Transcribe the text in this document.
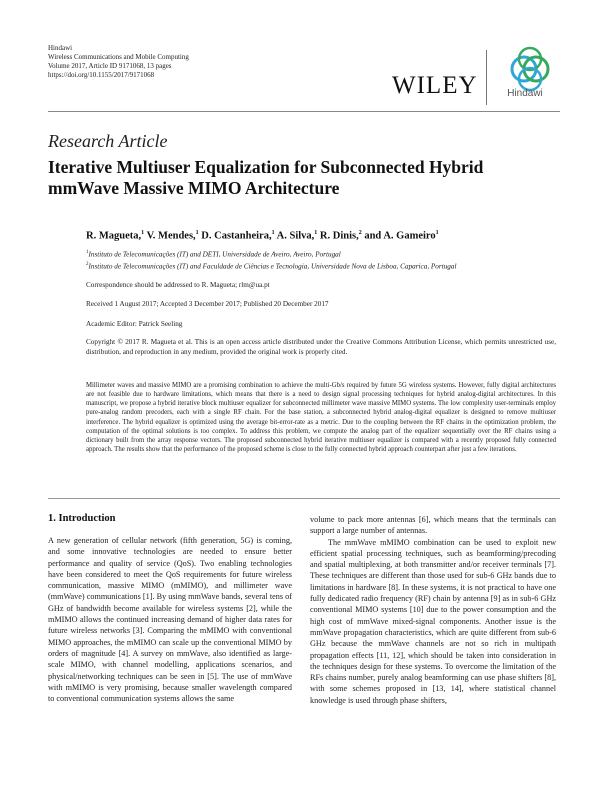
Hindawi
Wireless Communications and Mobile Computing
Volume 2017, Article ID 9171068, 13 pages
https://doi.org/10.1155/2017/9171068	WILEY	Hindawi
Research Article
Iterative Multiuser Equalization for Subconnected Hybrid mmWave Massive MIMO Architecture
R. Magueta,$^1$ V. Mendes,$^1$ D. Castanheira,$^1$ A. Silva,$^1$ R. Dinis,$^2$ and A. Gameiro$^1$
$^1$Instituto de Telecomunicações (IT) and DETI, Universidade de Aveiro, Aveiro, Portugal
$^2$Instituto de Telecomunicações (IT) and Faculdade de Ciências e Tecnologia, Universidade Nova de Lisboa, Caparica, Portugal
Correspondence should be addressed to R. Magueta; rlm@ua.pt
Received 1 August 2017; Accepted 3 December 2017; Published 20 December 2017
Academic Editor: Patrick Seeling
Copyright © 2017 R. Magueta et al. This is an open access article distributed under the Creative Commons Attribution License, which permits unrestricted use, distribution, and reproduction in any medium, provided the original work is properly cited.
Millimeter waves and massive MIMO are a promising combination to achieve the multi-Gb/s required by future 5G wireless systems. However, fully digital architectures are not feasible due to hardware limitations, which means that there is a need to design signal processing techniques for hybrid analog-digital architectures. In this manuscript, we propose a hybrid iterative block multiuser equalizer for subconnected millimeter wave massive MIMO systems. The low complexity user-terminals employ pure-analog random precoders, each with a single RF chain. For the base station, a subconnected hybrid analog-digital equalizer is designed to remove multiuser interference. The hybrid equalizer is optimized using the average bit-error-rate as a metric. Due to the coupling between the RF chains in the optimization problem, the computation of the optimal solutions is too complex. To address this problem, we compute the analog part of the equalizer sequentially over the RF chains using a dictionary built from the array response vectors. The proposed subconnected hybrid iterative multiuser equalizer is compared with a recently proposed fully connected approach. The results show that the performance of the proposed scheme is close to the fully connected hybrid approach counterpart after just a few iterations.
1. Introduction

A new generation of cellular network (fifth generation, 5G) is coming, and some innovative technologies are needed to ensure better performance and quality of service (QoS). Two enabling technologies have been considered to meet the QoS requirements for future wireless communication, massive MIMO (mMIMO), and millimeter wave (mmWave) communications [1]. By using mmWave bands, several tens of GHz of bandwidth become available for wireless systems [2], while the mMIMO allows the continued increasing demand of higher data rates for future wireless networks [3]. Comparing the mMIMO with conventional MIMO approaches, the mMIMO can scale up the conventional MIMO by orders of magnitude [4]. A survey on mmWave, also identified as large-scale MIMO, with channel modelling, applications scenarios, and physical/networking techniques can be seen in [5]. The use of mmWave with mMIMO is very promising, because smaller wavelength compared to conventional communication systems allows the same

volume to pack more antennas [6], which means that the terminals can support a large number of antennas.

The mmWave mMIMO combination can be used to exploit new efficient spatial processing techniques, such as beamforming/precoding and spatial multiplexing, at both transmitter and/or receiver terminals [7]. These techniques are different than those used for sub-6 GHz bands due to limitations in hardware [8]. In these systems, it is not practical to have one fully dedicated radio frequency (RF) chain by antenna [9] as in sub-6 GHz conventional MIMO systems [10] due to the power consumption and the high cost of mmWave mixed-signal components. Another issue is the mmWave propagation characteristics, which are quite different from sub-6 GHz because the mmWave channels are not so rich in multipath propagation effects [11, 12], which should be taken into consideration in the techniques design for these systems. To overcome the limitation of the RFs chains number, purely analog beamforming can use phase shifters [8], with some schemes proposed in [13, 14], where statistical channel knowledge is used through phase shifters,
